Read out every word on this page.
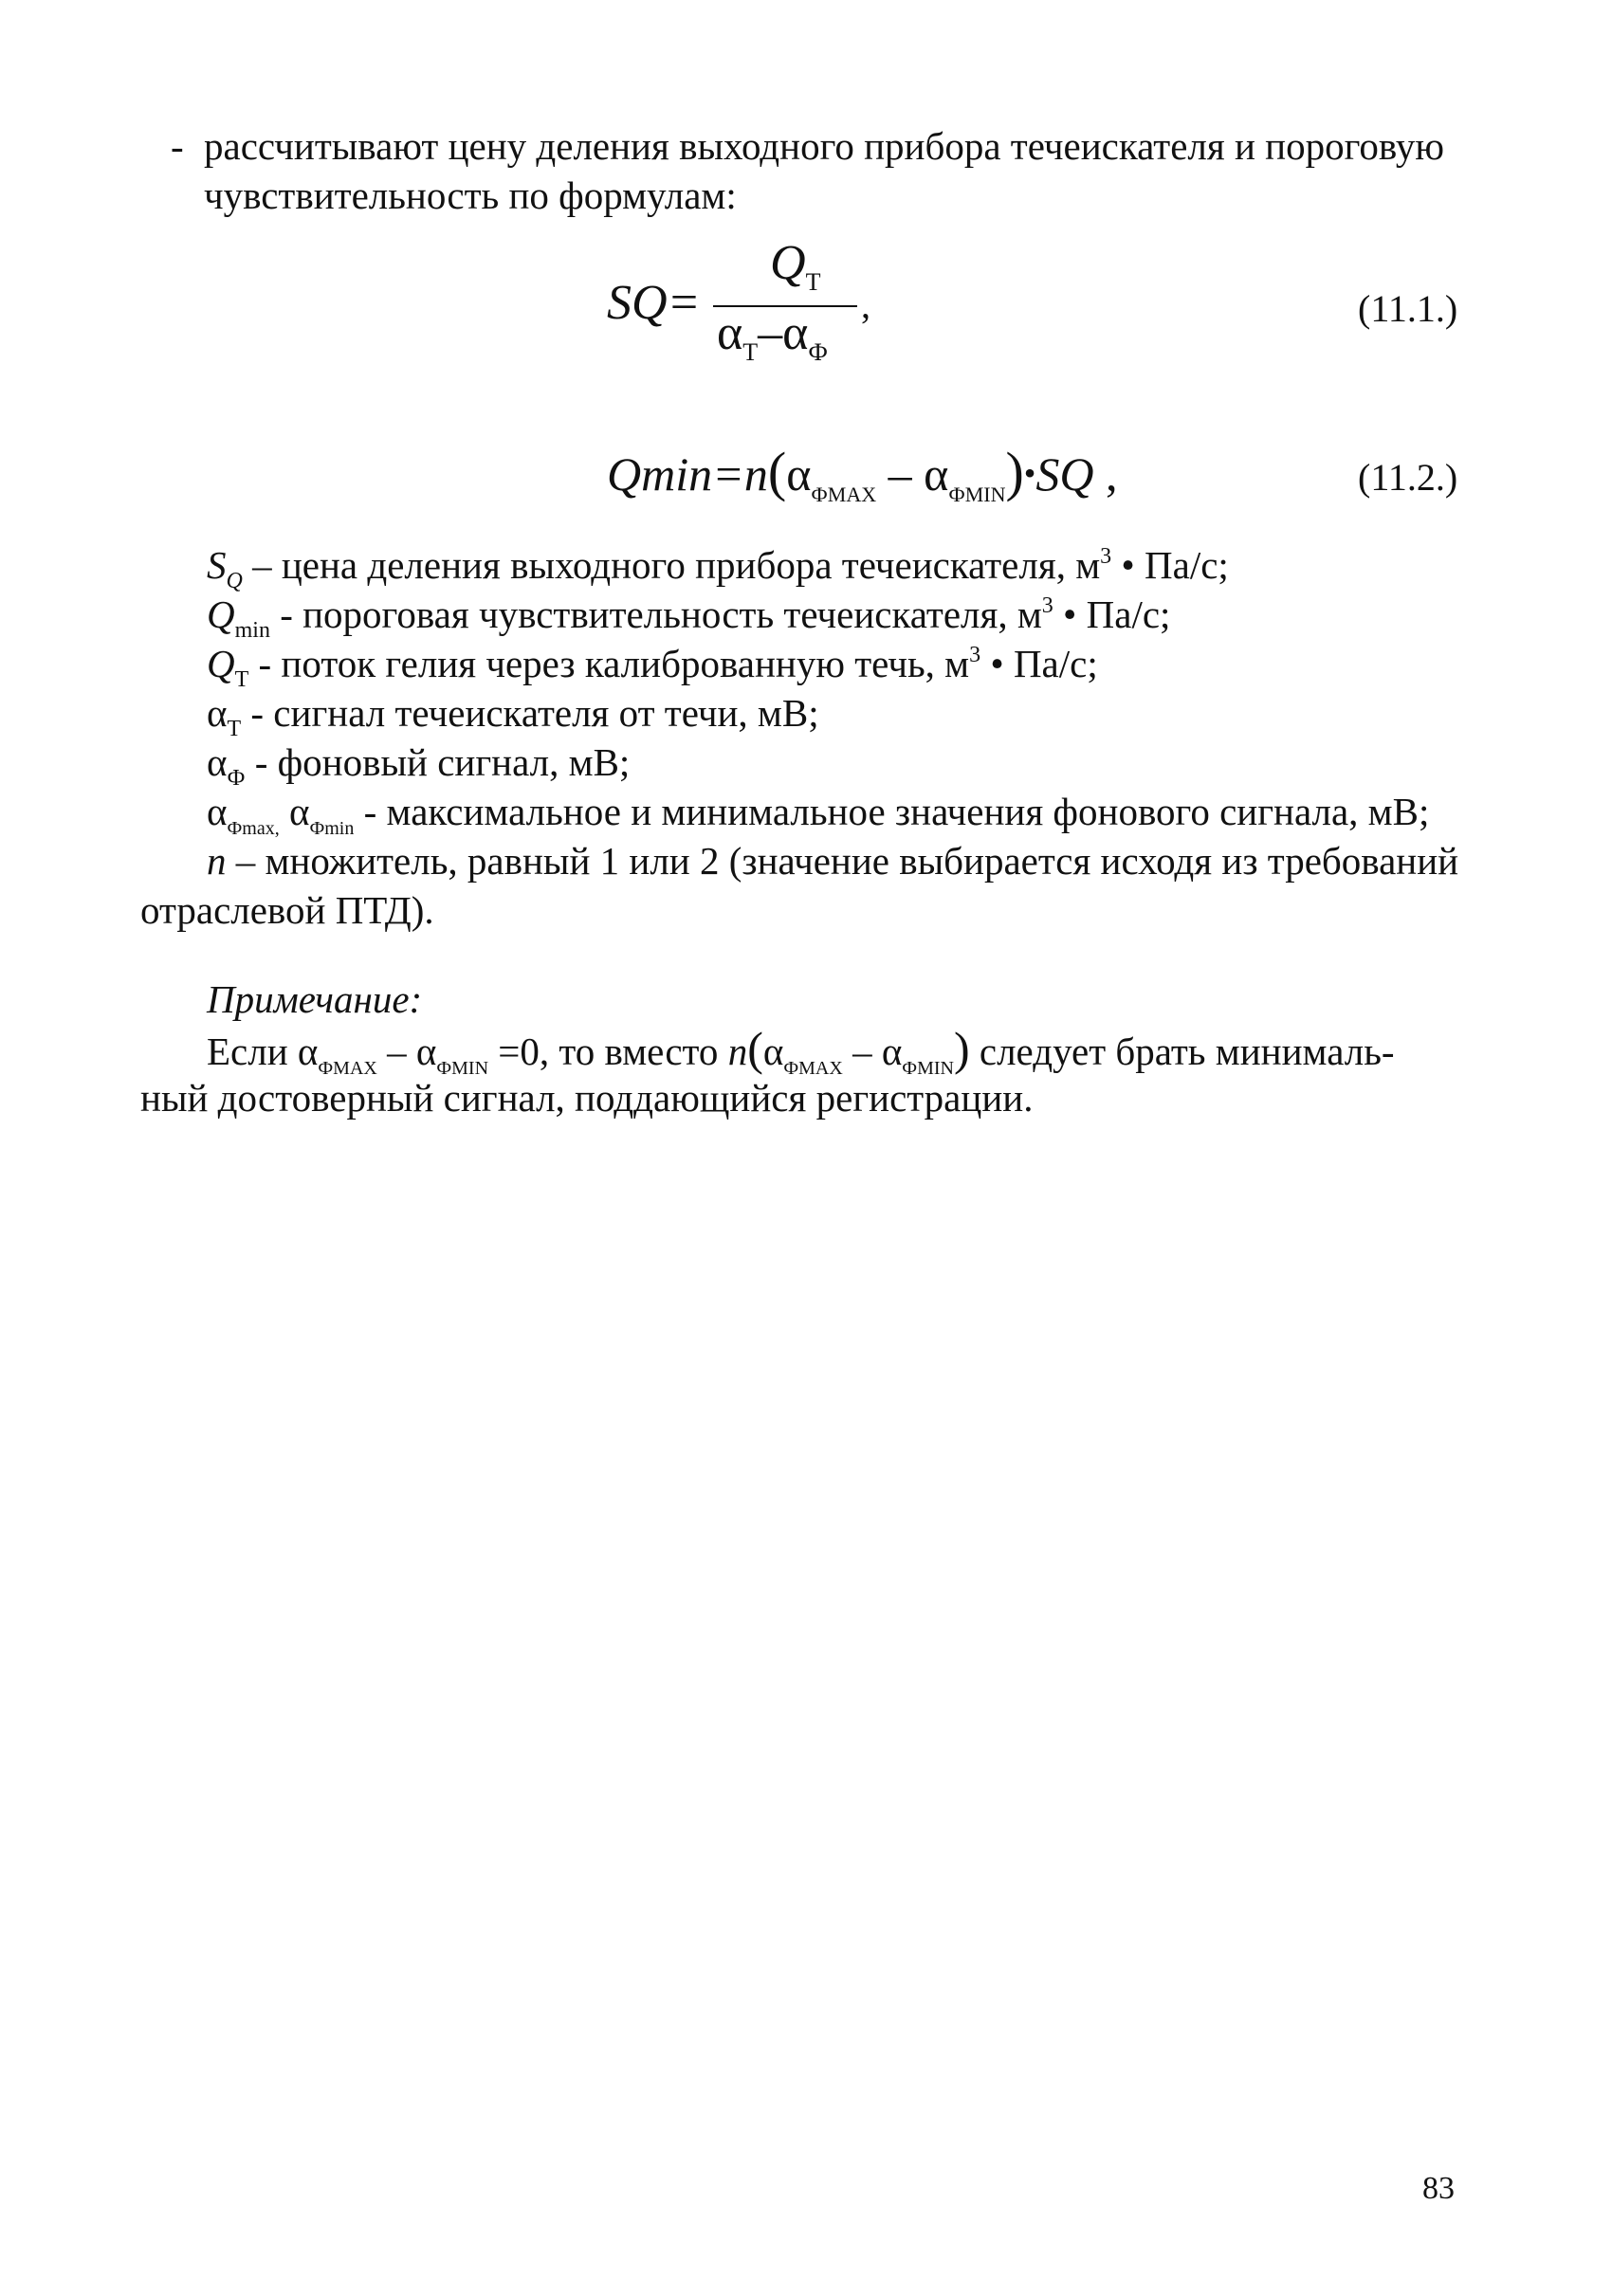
- рассчитывают цену деления выходного прибора течеискателя и пороговую
чувствительность по формулам:
SQ=
$Q_Т$
$\alpha_Т-\alpha_Ф$
,	(11.1.)
$Qmin=n(\alpha_{ФМАХ}$ – $\alpha_{ФМIN})•SQ$ ,	(11.2.)
$S_Q$ – цена деления выходного прибора течеискателя, $м^3$ • Па/с;
$Q_{min}$ - пороговая чувствительность течеискателя, $м^3$ • Па/с;
$Q_Т$ - поток гелия через калиброванную течь, $м^3$ • Па/с;
$\alpha_Т$ - сигнал течеискателя от течи, мВ;
$\alpha_Ф$ - фоновый сигнал, мВ;
$\alpha_{Фmax,}$ $\alpha_{Фmin}$ - максимальное и минимальное значения фонового сигнала, мВ;
n – множитель, равный 1 или 2 (значение выбирается исходя из требований
отраслевой ПТД).
Примечание:
Если $\alpha_{ФМАХ} - \alpha_{ФМIN} =0$, то вместо $n(\alpha_{ФМАХ} - \alpha_{ФМIN})$ следует брать минималь-
ный достоверный сигнал, поддающийся регистрации.
83
